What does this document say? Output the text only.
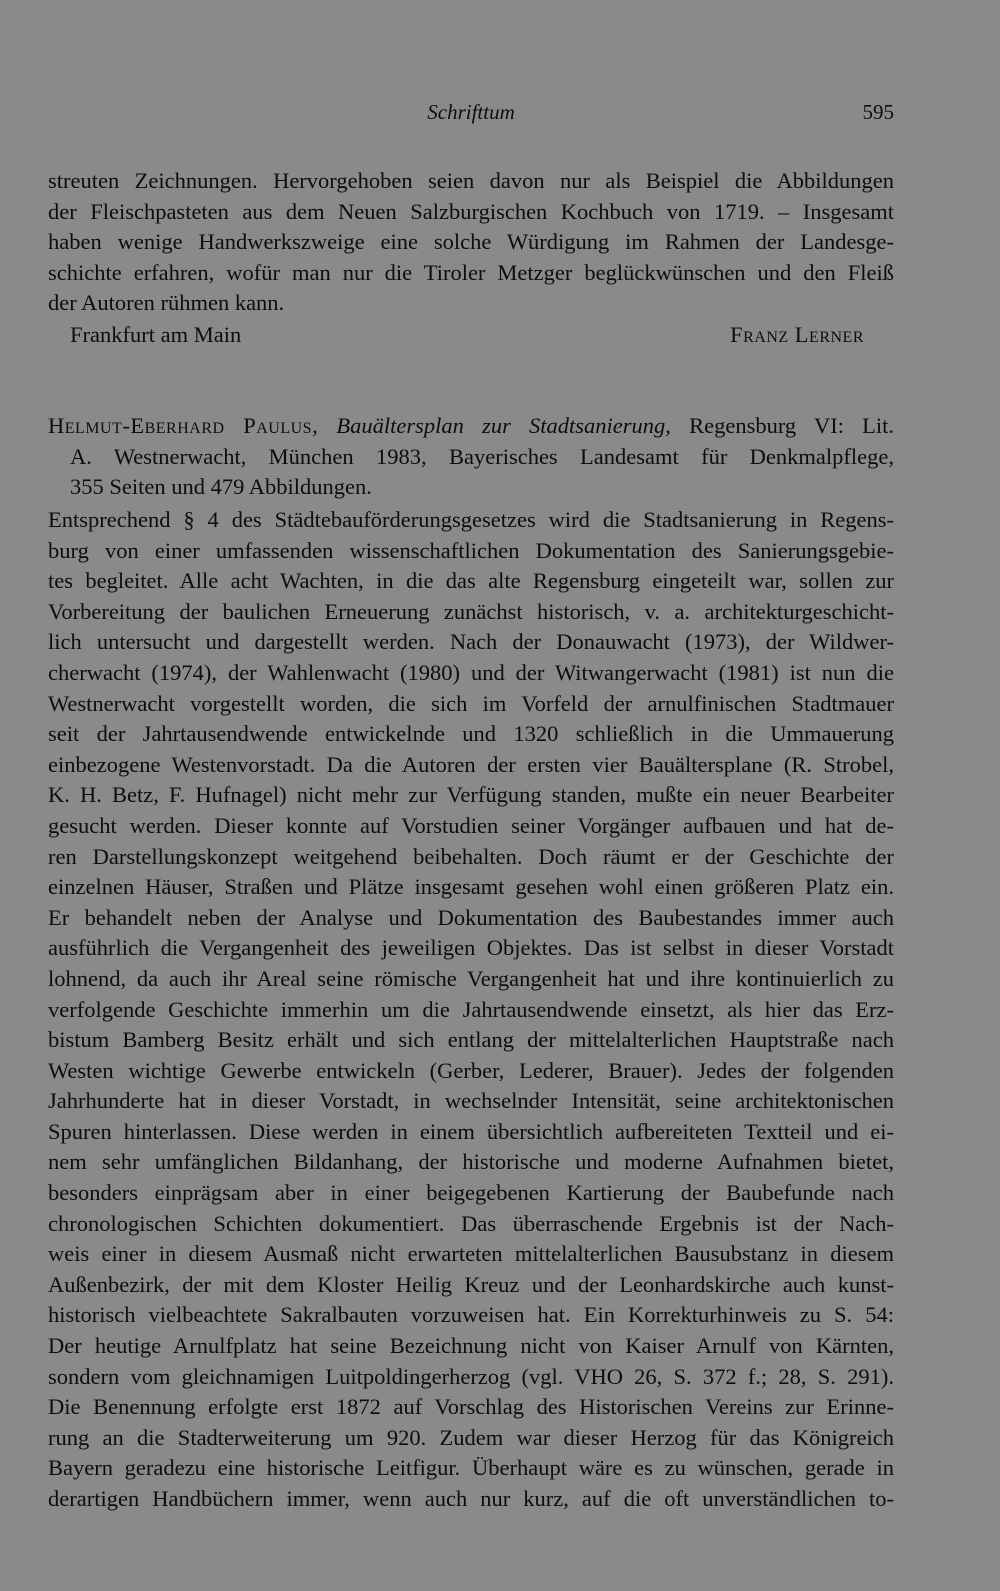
Schrifttum	595
streuten Zeichnungen. Hervorgehoben seien davon nur als Beispiel die Abbildungen
der Fleischpasteten aus dem Neuen Salzburgischen Kochbuch von 1719. – Insgesamt
haben wenige Handwerkszweige eine solche Würdigung im Rahmen der Landesge-
schichte erfahren, wofür man nur die Tiroler Metzger beglückwünschen und den Fleiß
der Autoren rühmen kann.
Frankfurt am Main	Franz Lerner
Helmut-Eberhard Paulus, Bauältersplan zur Stadtsanierung, Regensburg VI: Lit.
A. Westnerwacht, München 1983, Bayerisches Landesamt für Denkmalpflege,
355 Seiten und 479 Abbildungen.
Entsprechend § 4 des Städtebauförderungsgesetzes wird die Stadtsanierung in Regens-
burg von einer umfassenden wissenschaftlichen Dokumentation des Sanierungsgebie-
tes begleitet. Alle acht Wachten, in die das alte Regensburg eingeteilt war, sollen zur
Vorbereitung der baulichen Erneuerung zunächst historisch, v. a. architekturgeschicht-
lich untersucht und dargestellt werden. Nach der Donauwacht (1973), der Wildwer-
cherwacht (1974), der Wahlenwacht (1980) und der Witwangerwacht (1981) ist nun die
Westnerwacht vorgestellt worden, die sich im Vorfeld der arnulfinischen Stadtmauer
seit der Jahrtausendwende entwickelnde und 1320 schließlich in die Ummauerung
einbezogene Westenvorstadt. Da die Autoren der ersten vier Bauältersplane (R. Strobel,
K. H. Betz, F. Hufnagel) nicht mehr zur Verfügung standen, mußte ein neuer Bearbeiter
gesucht werden. Dieser konnte auf Vorstudien seiner Vorgänger aufbauen und hat de-
ren Darstellungskonzept weitgehend beibehalten. Doch räumt er der Geschichte der
einzelnen Häuser, Straßen und Plätze insgesamt gesehen wohl einen größeren Platz ein.
Er behandelt neben der Analyse und Dokumentation des Baubestandes immer auch
ausführlich die Vergangenheit des jeweiligen Objektes. Das ist selbst in dieser Vorstadt
lohnend, da auch ihr Areal seine römische Vergangenheit hat und ihre kontinuierlich zu
verfolgende Geschichte immerhin um die Jahrtausendwende einsetzt, als hier das Erz-
bistum Bamberg Besitz erhält und sich entlang der mittelalterlichen Hauptstraße nach
Westen wichtige Gewerbe entwickeln (Gerber, Lederer, Brauer). Jedes der folgenden
Jahrhunderte hat in dieser Vorstadt, in wechselnder Intensität, seine architektonischen
Spuren hinterlassen. Diese werden in einem übersichtlich aufbereiteten Textteil und ei-
nem sehr umfänglichen Bildanhang, der historische und moderne Aufnahmen bietet,
besonders einprägsam aber in einer beigegebenen Kartierung der Baubefunde nach
chronologischen Schichten dokumentiert. Das überraschende Ergebnis ist der Nach-
weis einer in diesem Ausmaß nicht erwarteten mittelalterlichen Bausubstanz in diesem
Außenbezirk, der mit dem Kloster Heilig Kreuz und der Leonhardskirche auch kunst-
historisch vielbeachtete Sakralbauten vorzuweisen hat. Ein Korrekturhinweis zu S. 54:
Der heutige Arnulfplatz hat seine Bezeichnung nicht von Kaiser Arnulf von Kärnten,
sondern vom gleichnamigen Luitpoldingerherzog (vgl. VHO 26, S. 372 f.; 28, S. 291).
Die Benennung erfolgte erst 1872 auf Vorschlag des Historischen Vereins zur Erinne-
rung an die Stadterweiterung um 920. Zudem war dieser Herzog für das Königreich
Bayern geradezu eine historische Leitfigur. Überhaupt wäre es zu wünschen, gerade in
derartigen Handbüchern immer, wenn auch nur kurz, auf die oft unverständlichen to-
